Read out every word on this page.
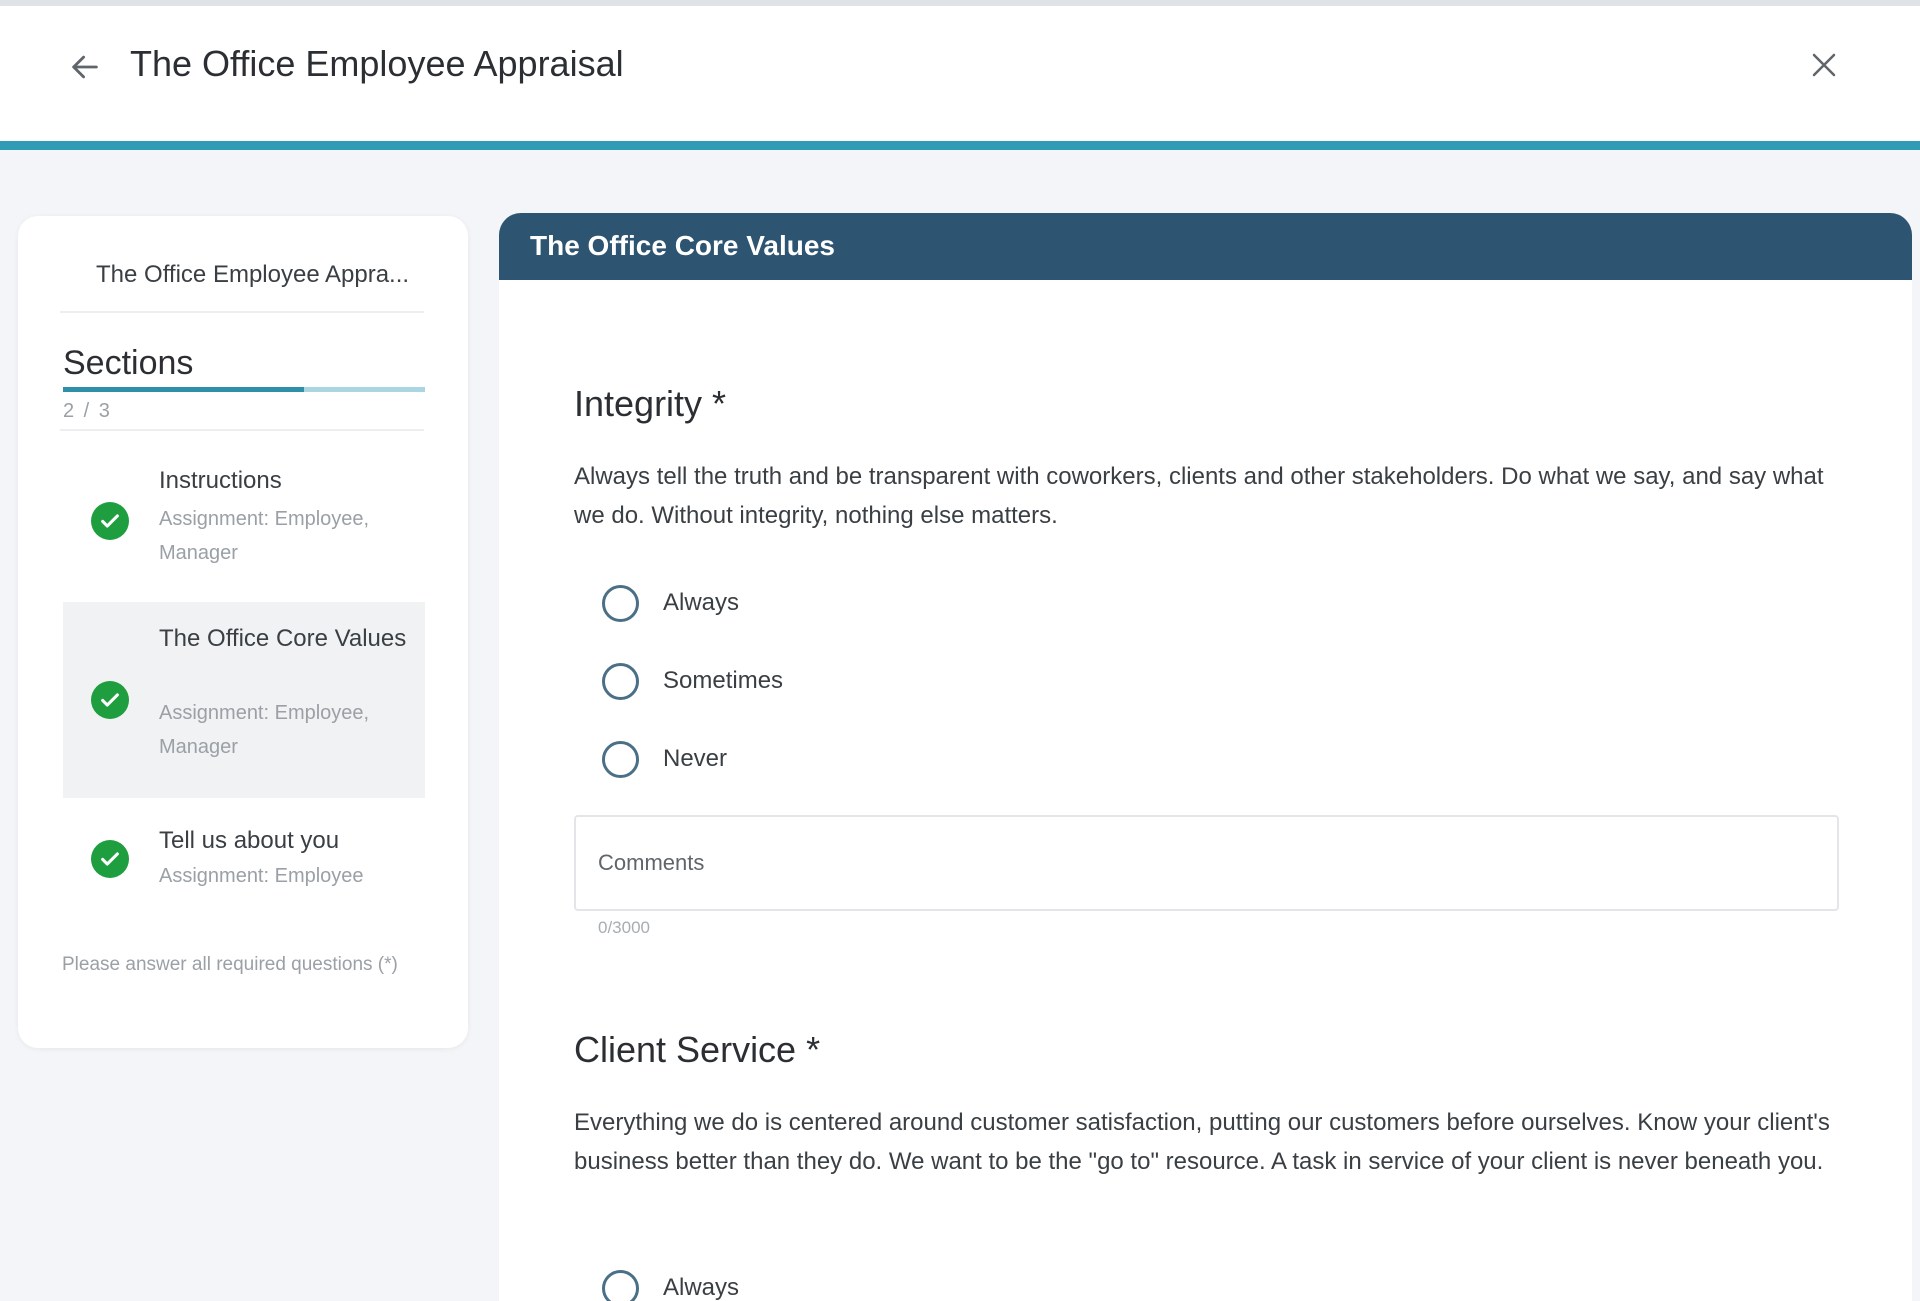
The Office Employee Appraisal
The Office Employee Appra...
Sections
2 / 3
Instructions
Assignment: Employee, Manager
The Office Core Values
Assignment: Employee, Manager
Tell us about you
Assignment: Employee
Please answer all required questions (*)
The Office Core Values
Integrity *
Always tell the truth and be transparent with coworkers, clients and other stakeholders. Do what we say, and say what we do. Without integrity, nothing else matters.
Always
Sometimes
Never
Comments
0/3000
Client Service *
Everything we do is centered around customer satisfaction, putting our customers before ourselves. Know your client's business better than they do. We want to be the "go to" resource. A task in service of your client is never beneath you.
Always
